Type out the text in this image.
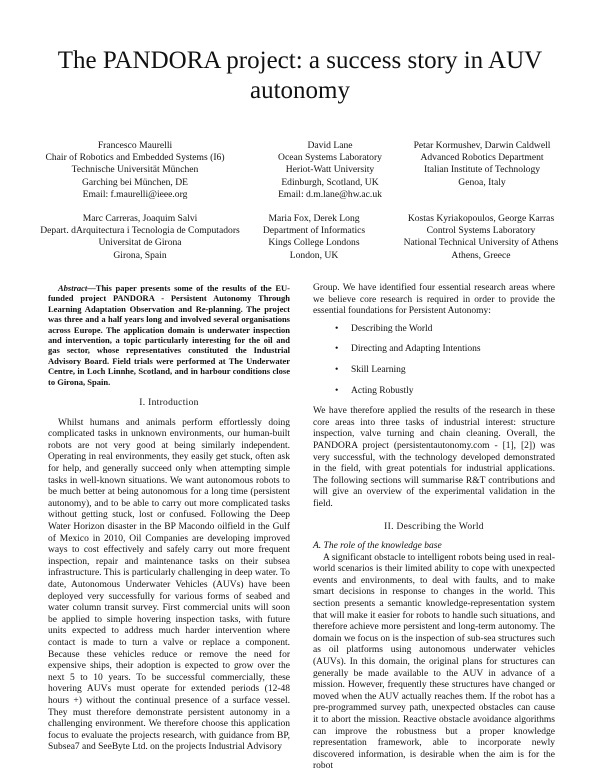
The PANDORA project: a success story in AUV autonomy
Francesco Maurelli
Chair of Robotics and Embedded Systems (I6)
Technische Universität München
Garching bei München, DE
Email: f.maurelli@ieee.org
David Lane
Ocean Systems Laboratory
Heriot-Watt University
Edinburgh, Scotland, UK
Email: d.m.lane@hw.ac.uk
Petar Kormushev, Darwin Caldwell
Advanced Robotics Department
Italian Institute of Technology
Genoa, Italy
Marc Carreras, Joaquim Salvi
Depart. dArquitectura i Tecnologia de Computadors
Universitat de Girona
Girona, Spain
Maria Fox, Derek Long
Department of Informatics
Kings College Londons
London, UK
Kostas Kyriakopoulos, George Karras
Control Systems Laboratory
National Technical University of Athens
Athens, Greece

Abstract—This paper presents some of the results of the EU-funded project PANDORA - Persistent Autonomy Through Learning Adaptation Observation and Re-planning. The project was three and a half years long and involved several organisations across Europe. The application domain is underwater inspection and intervention, a topic particularly interesting for the oil and gas sector, whose representatives constituted the Industrial Advisory Board. Field trials were performed at The Underwater Centre, in Loch Linnhe, Scotland, and in harbour conditions close to Girona, Spain.

I. Introduction

Whilst humans and animals perform effortlessly doing complicated tasks in unknown environments, our human-built robots are not very good at being similarly independent. Operating in real environments, they easily get stuck, often ask for help, and generally succeed only when attempting simple tasks in well-known situations. We want autonomous robots to be much better at being autonomous for a long time (persistent autonomy), and to be able to carry out more complicated tasks without getting stuck, lost or confused. Following the Deep Water Horizon disaster in the BP Macondo oilfield in the Gulf of Mexico in 2010, Oil Companies are developing improved ways to cost effectively and safely carry out more frequent inspection, repair and maintenance tasks on their subsea infrastructure. This is particularly challenging in deep water. To date, Autonomous Underwater Vehicles (AUVs) have been deployed very successfully for various forms of seabed and water column transit survey. First commercial units will soon be applied to simple hovering inspection tasks, with future units expected to address much harder intervention where contact is made to turn a valve or replace a component. Because these vehicles reduce or remove the need for expensive ships, their adoption is expected to grow over the next 5 to 10 years. To be successful commercially, these hovering AUVs must operate for extended periods (12-48 hours +) without the continual presence of a surface vessel. They must therefore demonstrate persistent autonomy in a challenging environment. We therefore choose this application focus to evaluate the projects research, with guidance from BP, Subsea7 and SeeByte Ltd. on the projects Industrial Advisory

Group. We have identified four essential research areas where we believe core research is required in order to provide the essential foundations for Persistent Autonomy:

• Describing the World
• Directing and Adapting Intentions
• Skill Learning
• Acting Robustly

We have therefore applied the results of the research in these core areas into three tasks of industrial interest: structure inspection, valve turning and chain cleaning. Overall, the PANDORA project (persistentautonomy.com - [1], [2]) was very successful, with the technology developed demonstrated in the field, with great potentials for industrial applications. The following sections will summarise R&T contributions and will give an overview of the experimental validation in the field.

II. Describing the World

A. The role of the knowledge base

A significant obstacle to intelligent robots being used in real-world scenarios is their limited ability to cope with unexpected events and environments, to deal with faults, and to make smart decisions in response to changes in the world. This section presents a semantic knowledge-representation system that will make it easier for robots to handle such situations, and therefore achieve more persistent and long-term autonomy. The domain we focus on is the inspection of sub-sea structures such as oil platforms using autonomous underwater vehicles (AUVs). In this domain, the original plans for structures can generally be made available to the AUV in advance of a mission. However, frequently these structures have changed or moved when the AUV actually reaches them. If the robot has a pre-programmed survey path, unexpected obstacles can cause it to abort the mission. Reactive obstacle avoidance algorithms can improve the robustness but a proper knowledge representation framework, able to incorporate newly discovered information, is desirable when the aim is for the robot
